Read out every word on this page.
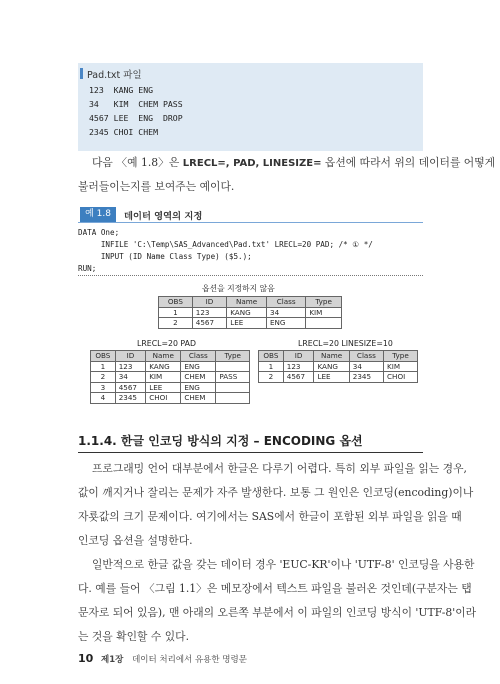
Pad.txt 파일
123  KANG ENG
34   KIM  CHEM PASS
4567 LEE  ENG  DROP
2345 CHOI CHEM
다음 〈예 1.8〉은 LRECL=, PAD, LINESIZE= 옵션에 따라서 위의 데이터를 어떻게
불러들이는지를 보여주는 예이다.
예 1.8	데이터 영역의 지정
DATA One;
INFILE 'C:\Temp\SAS_Advanced\Pad.txt' LRECL=20 PAD; /* ① */
INPUT (ID Name Class Type) ($5.);
RUN;
옵션을 지정하지 않음
OBS	ID	Name	Class	Type
1	123	KANG	34	KIM
2	4567	LEE	ENG	
LRECL=20 PAD
OBS	ID	Name	Class	Type
1	123	KANG	ENG	
2	34	KIM	CHEM	PASS
3	4567	LEE	ENG	
4	2345	CHOI	CHEM	
LRECL=20 LINESIZE=10
OBS	ID	Name	Class	Type
1	123	KANG	34	KIM
2	4567	LEE	2345	CHOI
1.1.4. 한글 인코딩 방식의 지정 – ENCODING 옵션
프로그래밍 언어 대부분에서 한글은 다루기 어렵다. 특히 외부 파일을 읽는 경우,
값이 깨지거나 잘리는 문제가 자주 발생한다. 보통 그 원인은 인코딩(encoding)이나
자룟값의 크기 문제이다. 여기에서는 SAS에서 한글이 포함된 외부 파일을 읽을 때
인코딩 옵션을 설명한다.
일반적으로 한글 값을 갖는 데이터 경우 'EUC-KR'이나 'UTF-8' 인코딩을 사용한
다. 예를 들어 〈그림 1.1〉은 메모장에서 텍스트 파일을 불러온 것인데(구분자는 탭
문자로 되어 있음), 맨 아래의 오른쪽 부분에서 이 파일의 인코딩 방식이 'UTF-8'이라
는 것을 확인할 수 있다.
10 제1장 데이터 처리에서 유용한 명령문
